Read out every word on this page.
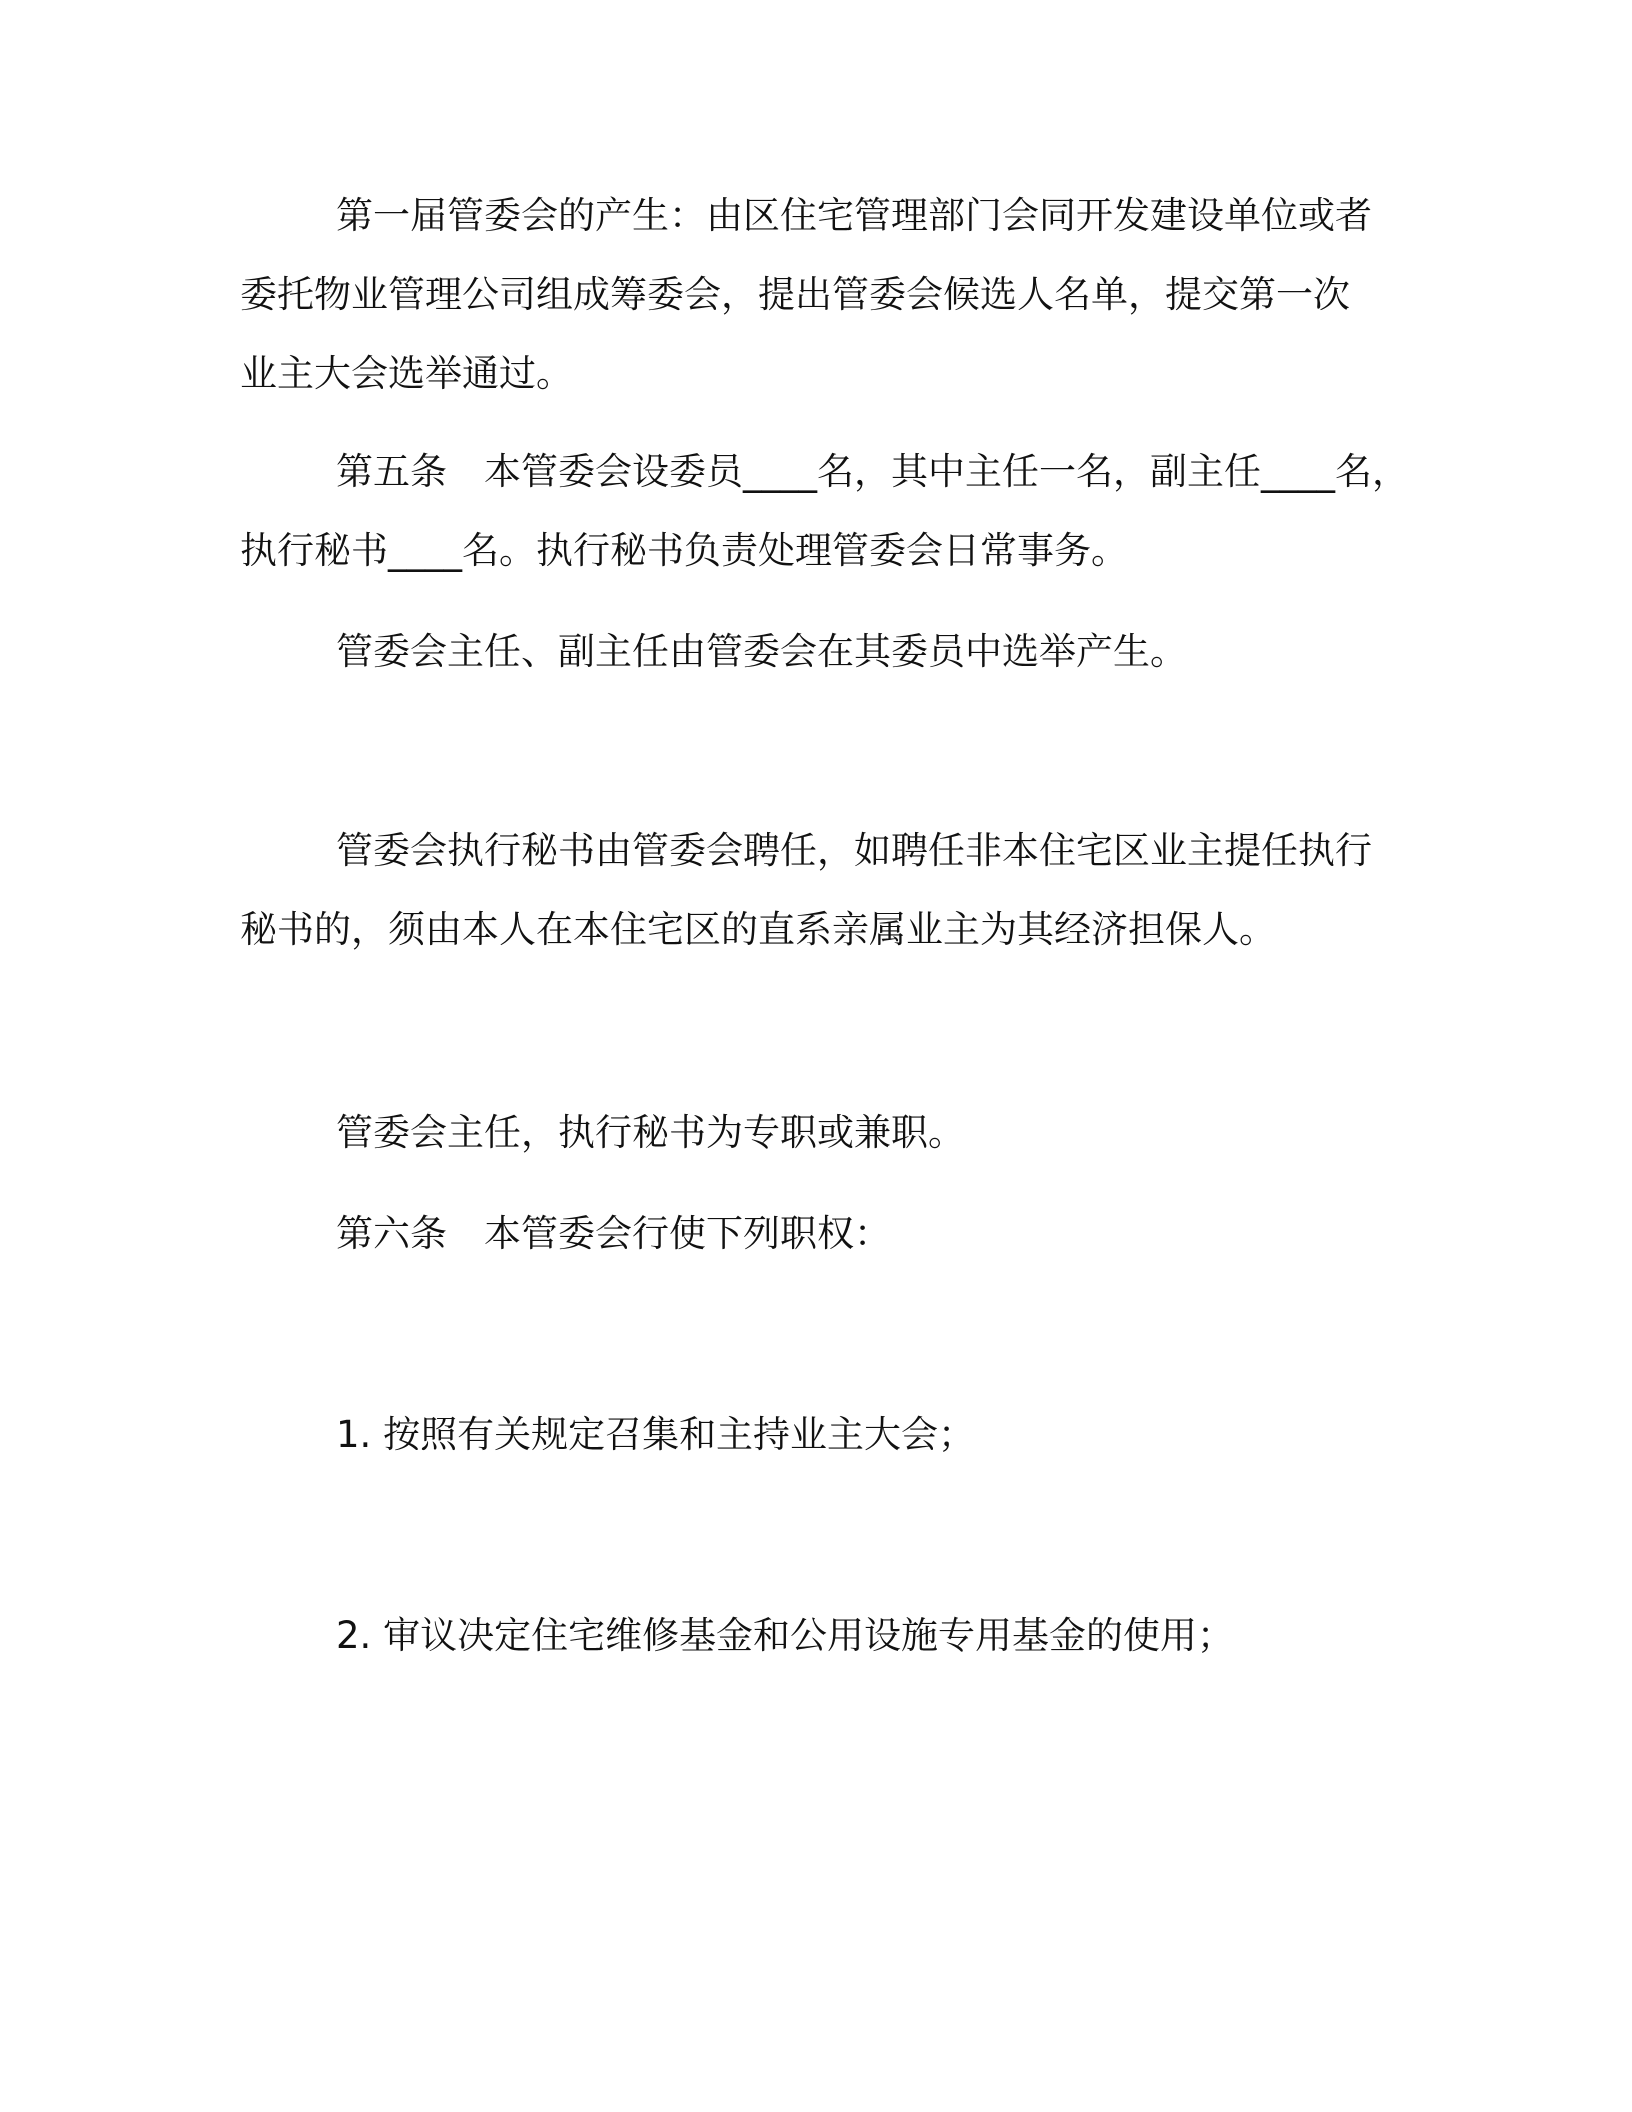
第一届管委会的产生：由区住宅管理部门会同开发建设单位或者
委托物业管理公司组成筹委会，提出管委会候选人名单，提交第一次
业主大会选举通过。

第五条　本管委会设委员____名，其中主任一名，副主任____名，
执行秘书____名。执行秘书负责处理管委会日常事务。

管委会主任、副主任由管委会在其委员中选举产生。

管委会执行秘书由管委会聘任，如聘任非本住宅区业主提任执行
秘书的，须由本人在本住宅区的直系亲属业主为其经济担保人。

管委会主任，执行秘书为专职或兼职。

第六条　本管委会行使下列职权：

1. 按照有关规定召集和主持业主大会；

2. 审议决定住宅维修基金和公用设施专用基金的使用；
